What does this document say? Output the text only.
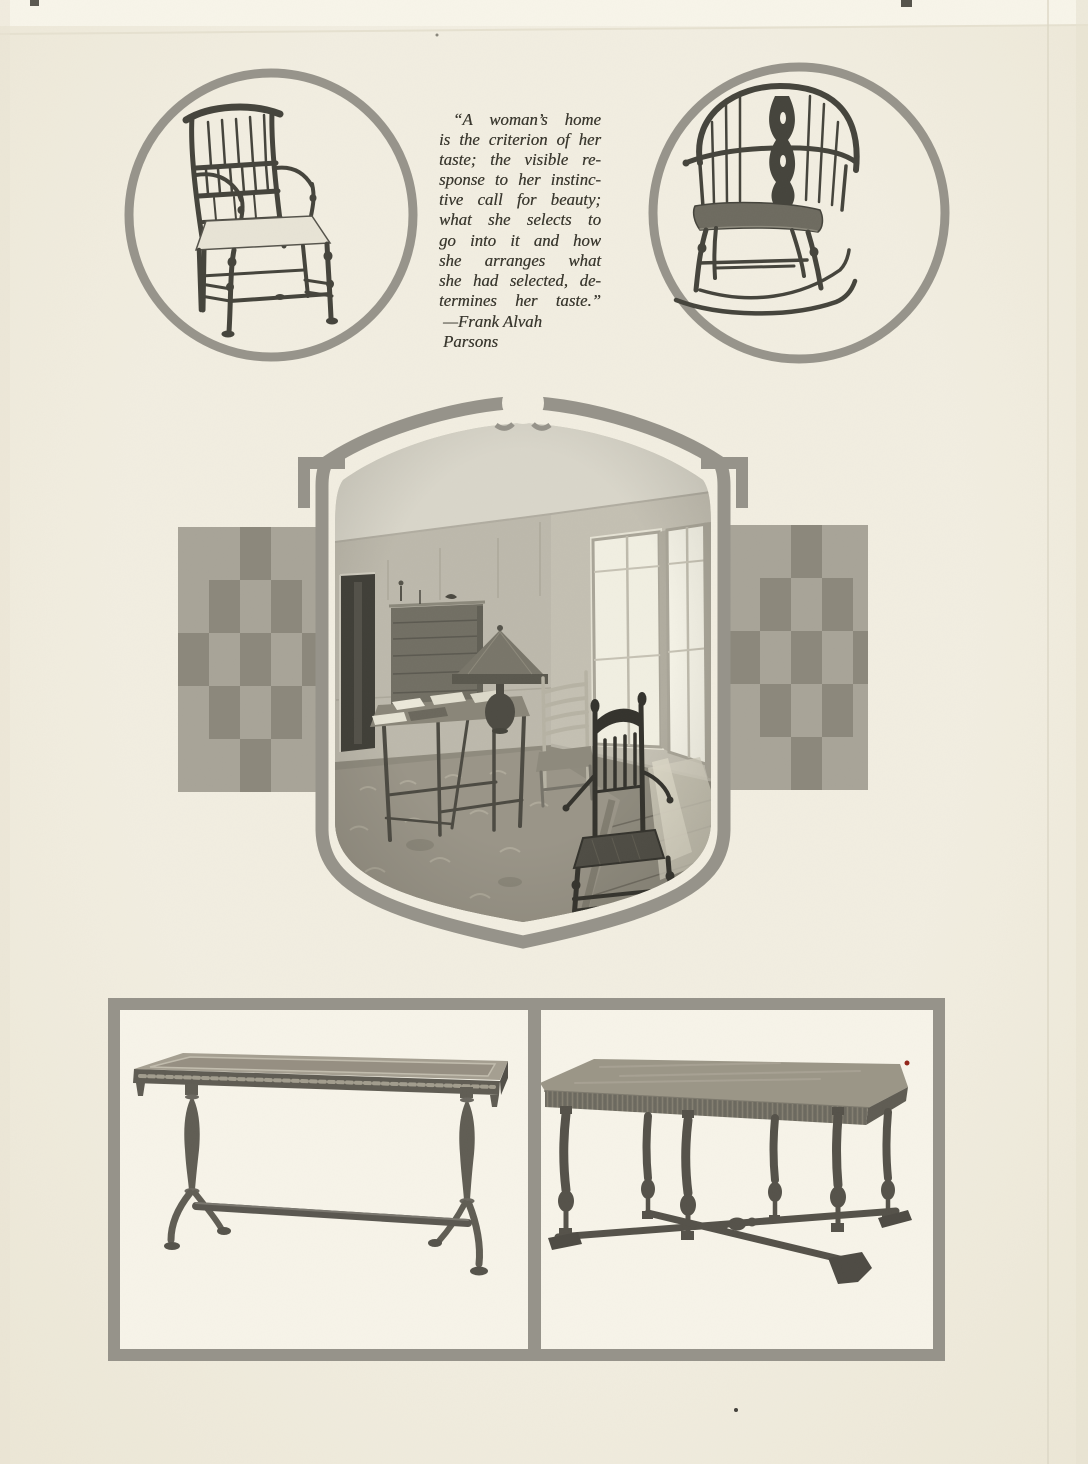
“A woman’s home
is the criterion of her
taste; the visible re-
sponse to her instinc-
tive call for beauty;
what she selects to
go into it and how
she arranges what
she had selected, de-
termines her taste.”
—Frank Alvah Parsons
